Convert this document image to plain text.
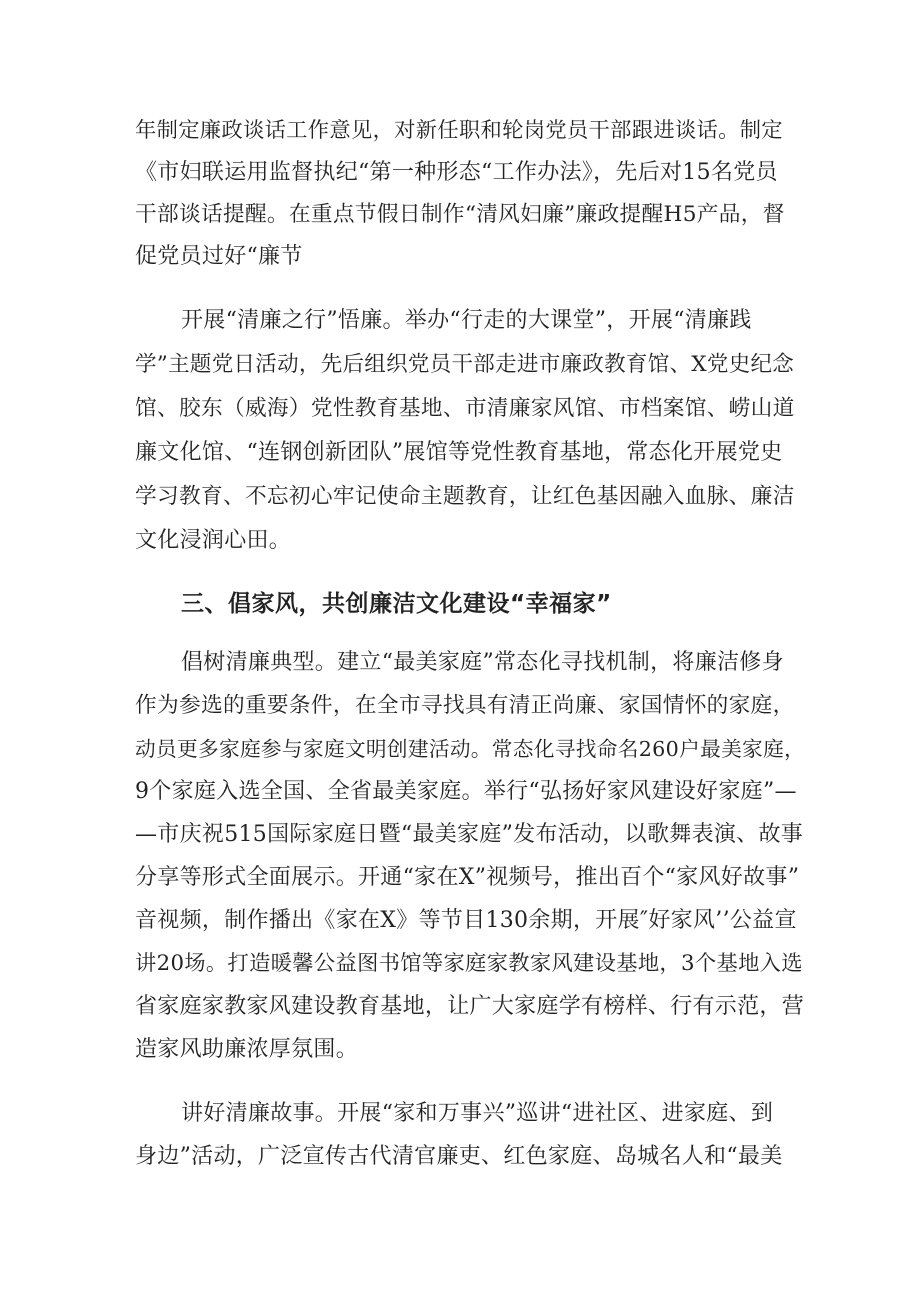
年制定廉政谈话工作意见，对新任职和轮岗党员干部跟进谈话。制定
《市妇联运用监督执纪“第一种形态“工作办法》，先后对15名党员
干部谈话提醒。在重点节假日制作“清风妇廉”廉政提醒H5产品，督
促党员过好“廉节
开展“清廉之行”悟廉。举办“行走的大课堂”，开展“清廉践
学”主题党日活动，先后组织党员干部走进市廉政教育馆、X党史纪念
馆、胶东（威海）党性教育基地、市清廉家风馆、市档案馆、崂山道
廉文化馆、“连钢创新团队”展馆等党性教育基地，常态化开展党史
学习教育、不忘初心牢记使命主题教育，让红色基因融入血脉、廉洁
文化浸润心田。
三、倡家风，共创廉洁文化建设“幸福家”
倡树清廉典型。建立“最美家庭”常态化寻找机制，将廉洁修身
作为参选的重要条件，在全市寻找具有清正尚廉、家国情怀的家庭，
动员更多家庭参与家庭文明创建活动。常态化寻找命名260户最美家庭，
9个家庭入选全国、全省最美家庭。举行“弘扬好家风建设好家庭”—
—市庆祝515国际家庭日暨“最美家庭”发布活动，以歌舞表演、故事
分享等形式全面展示。开通“家在X”视频号，推出百个“家风好故事”
音视频，制作播出《家在X》等节目130余期，开展″好家风’’公益宣
讲20场。打造暖馨公益图书馆等家庭家教家风建设基地，3个基地入选
省家庭家教家风建设教育基地，让广大家庭学有榜样、行有示范，营
造家风助廉浓厚氛围。
讲好清廉故事。开展“家和万事兴”巡讲“进社区、进家庭、到
身边”活动，广泛宣传古代清官廉吏、红色家庭、岛城名人和“最美
